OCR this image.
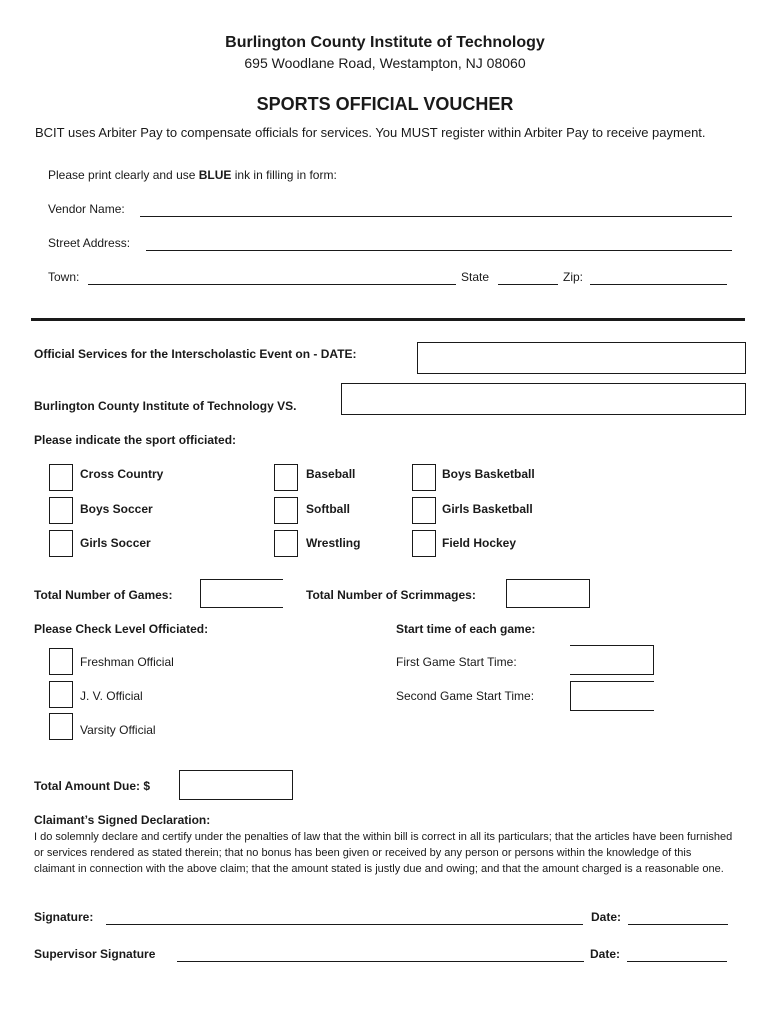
Burlington County Institute of Technology
695 Woodlane Road, Westampton, NJ 08060
SPORTS OFFICIAL VOUCHER
BCIT uses Arbiter Pay to compensate officials for services. You MUST register within Arbiter Pay to receive payment.
Please print clearly and use BLUE ink in filling in form:
Vendor Name:
Street Address:
Town:	State	Zip:
Official Services for the Interscholastic Event on - DATE:
Burlington County Institute of Technology VS.
Please indicate the sport officiated:
Cross Country	Baseball	Boys Basketball
Boys Soccer	Softball	Girls Basketball
Girls Soccer	Wrestling	Field Hockey
Total Number of Games:	Total Number of Scrimmages:
Please Check Level Officiated:	Start time of each game:
Freshman Official	First Game Start Time:
J. V. Official	Second Game Start Time:
Varsity Official
Total Amount Due: $
Claimant’s Signed Declaration:
I do solemnly declare and certify under the penalties of law that the within bill is correct in all its particulars; that the articles have been furnished or services rendered as stated therein; that no bonus has been given or received by any person or persons within the knowledge of this claimant in connection with the above claim; that the amount stated is justly due and owing; and that the amount charged is a reasonable one.
Signature:	Date:
Supervisor Signature	Date:
